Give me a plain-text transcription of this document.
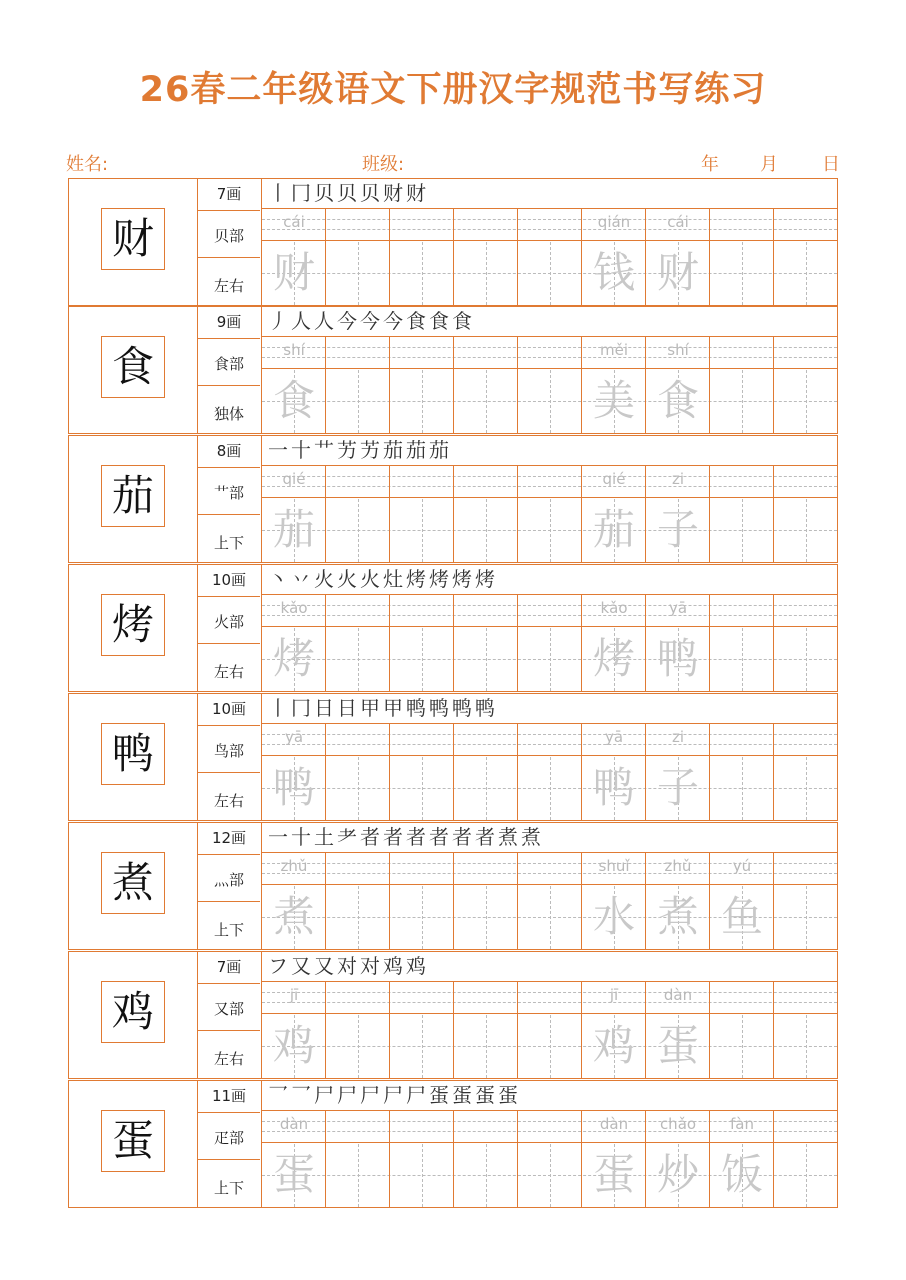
26春二年级语文下册汉字规范书写练习
姓名:	班级:	年 月 日
财
7画
贝部
左右
丨 冂 贝 贝 贝 财 财
cái
财
qián
钱
cái
财
食
9画
食部
独体
丿 人 人 今 今 今 食 食 食
shí
食
měi
美
shí
食
茄
8画
艹部
上下
一 十 艹 艻 艻 茄 茄 茄
qié
茄
qié
茄
zi
子
烤
10画
火部
左右
丶 丷 火 火 火 灶 烤 烤 烤 烤
kǎo
烤
kǎo
烤
yā
鸭
鸭
10画
鸟部
左右
丨 冂 日 日 甲 甲 鸭 鸭 鸭 鸭
yā
鸭
yā
鸭
zi
子
煮
12画
灬部
上下
一 十 土 耂 者 者 者 者 者 者 煮 煮
zhǔ
煮
shuǐ
水
zhǔ
煮
yú
鱼
鸡
7画
又部
左右
フ 又 又 对 对 鸡 鸡
jī
鸡
jī
鸡
dàn
蛋
蛋
11画
疋部
上下
乛 乛 尸 尸 尸 尸 尸 蛋 蛋 蛋 蛋
dàn
蛋
dàn
蛋
chǎo
炒
fàn
饭
